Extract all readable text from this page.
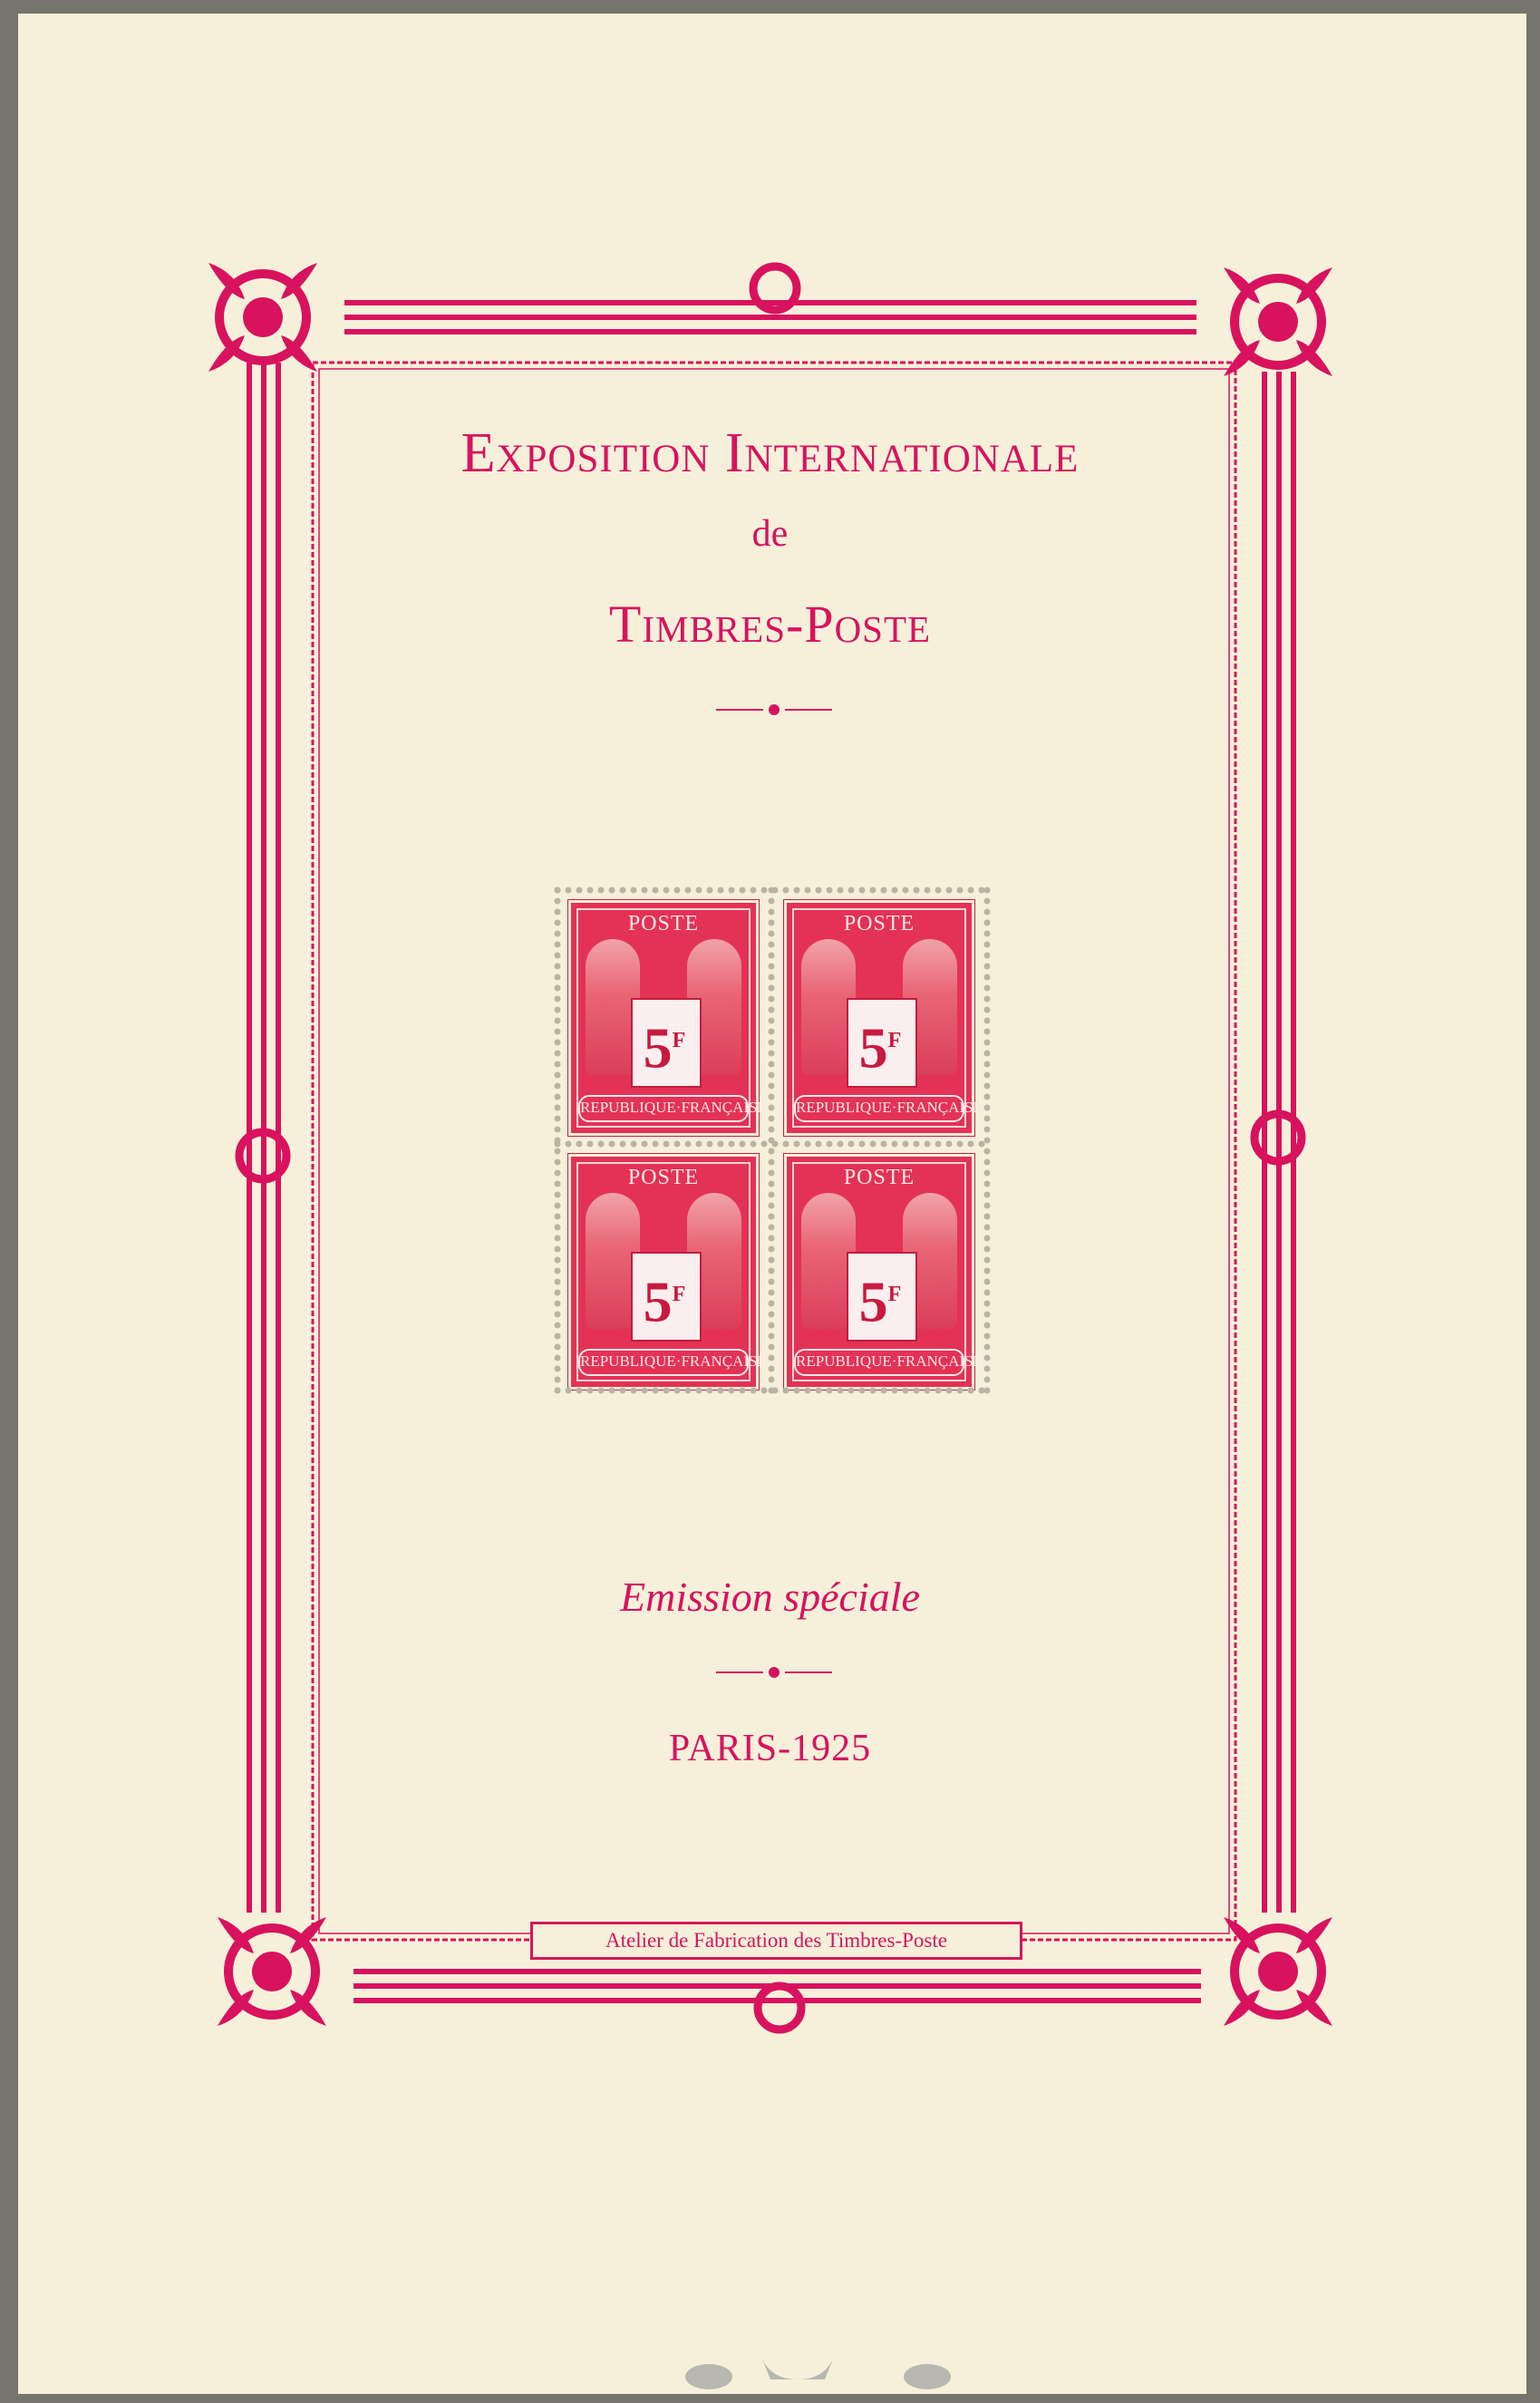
Exposition Internationale
de
Timbres-Poste
POSTE
$5^F$
REPUBLIQUE·FRANÇAISE
POSTE
$5^F$
REPUBLIQUE·FRANÇAISE
POSTE
$5^F$
REPUBLIQUE·FRANÇAISE
POSTE
$5^F$
REPUBLIQUE·FRANÇAISE
Emission spéciale
PARIS-1925
Atelier de Fabrication des Timbres-Poste
